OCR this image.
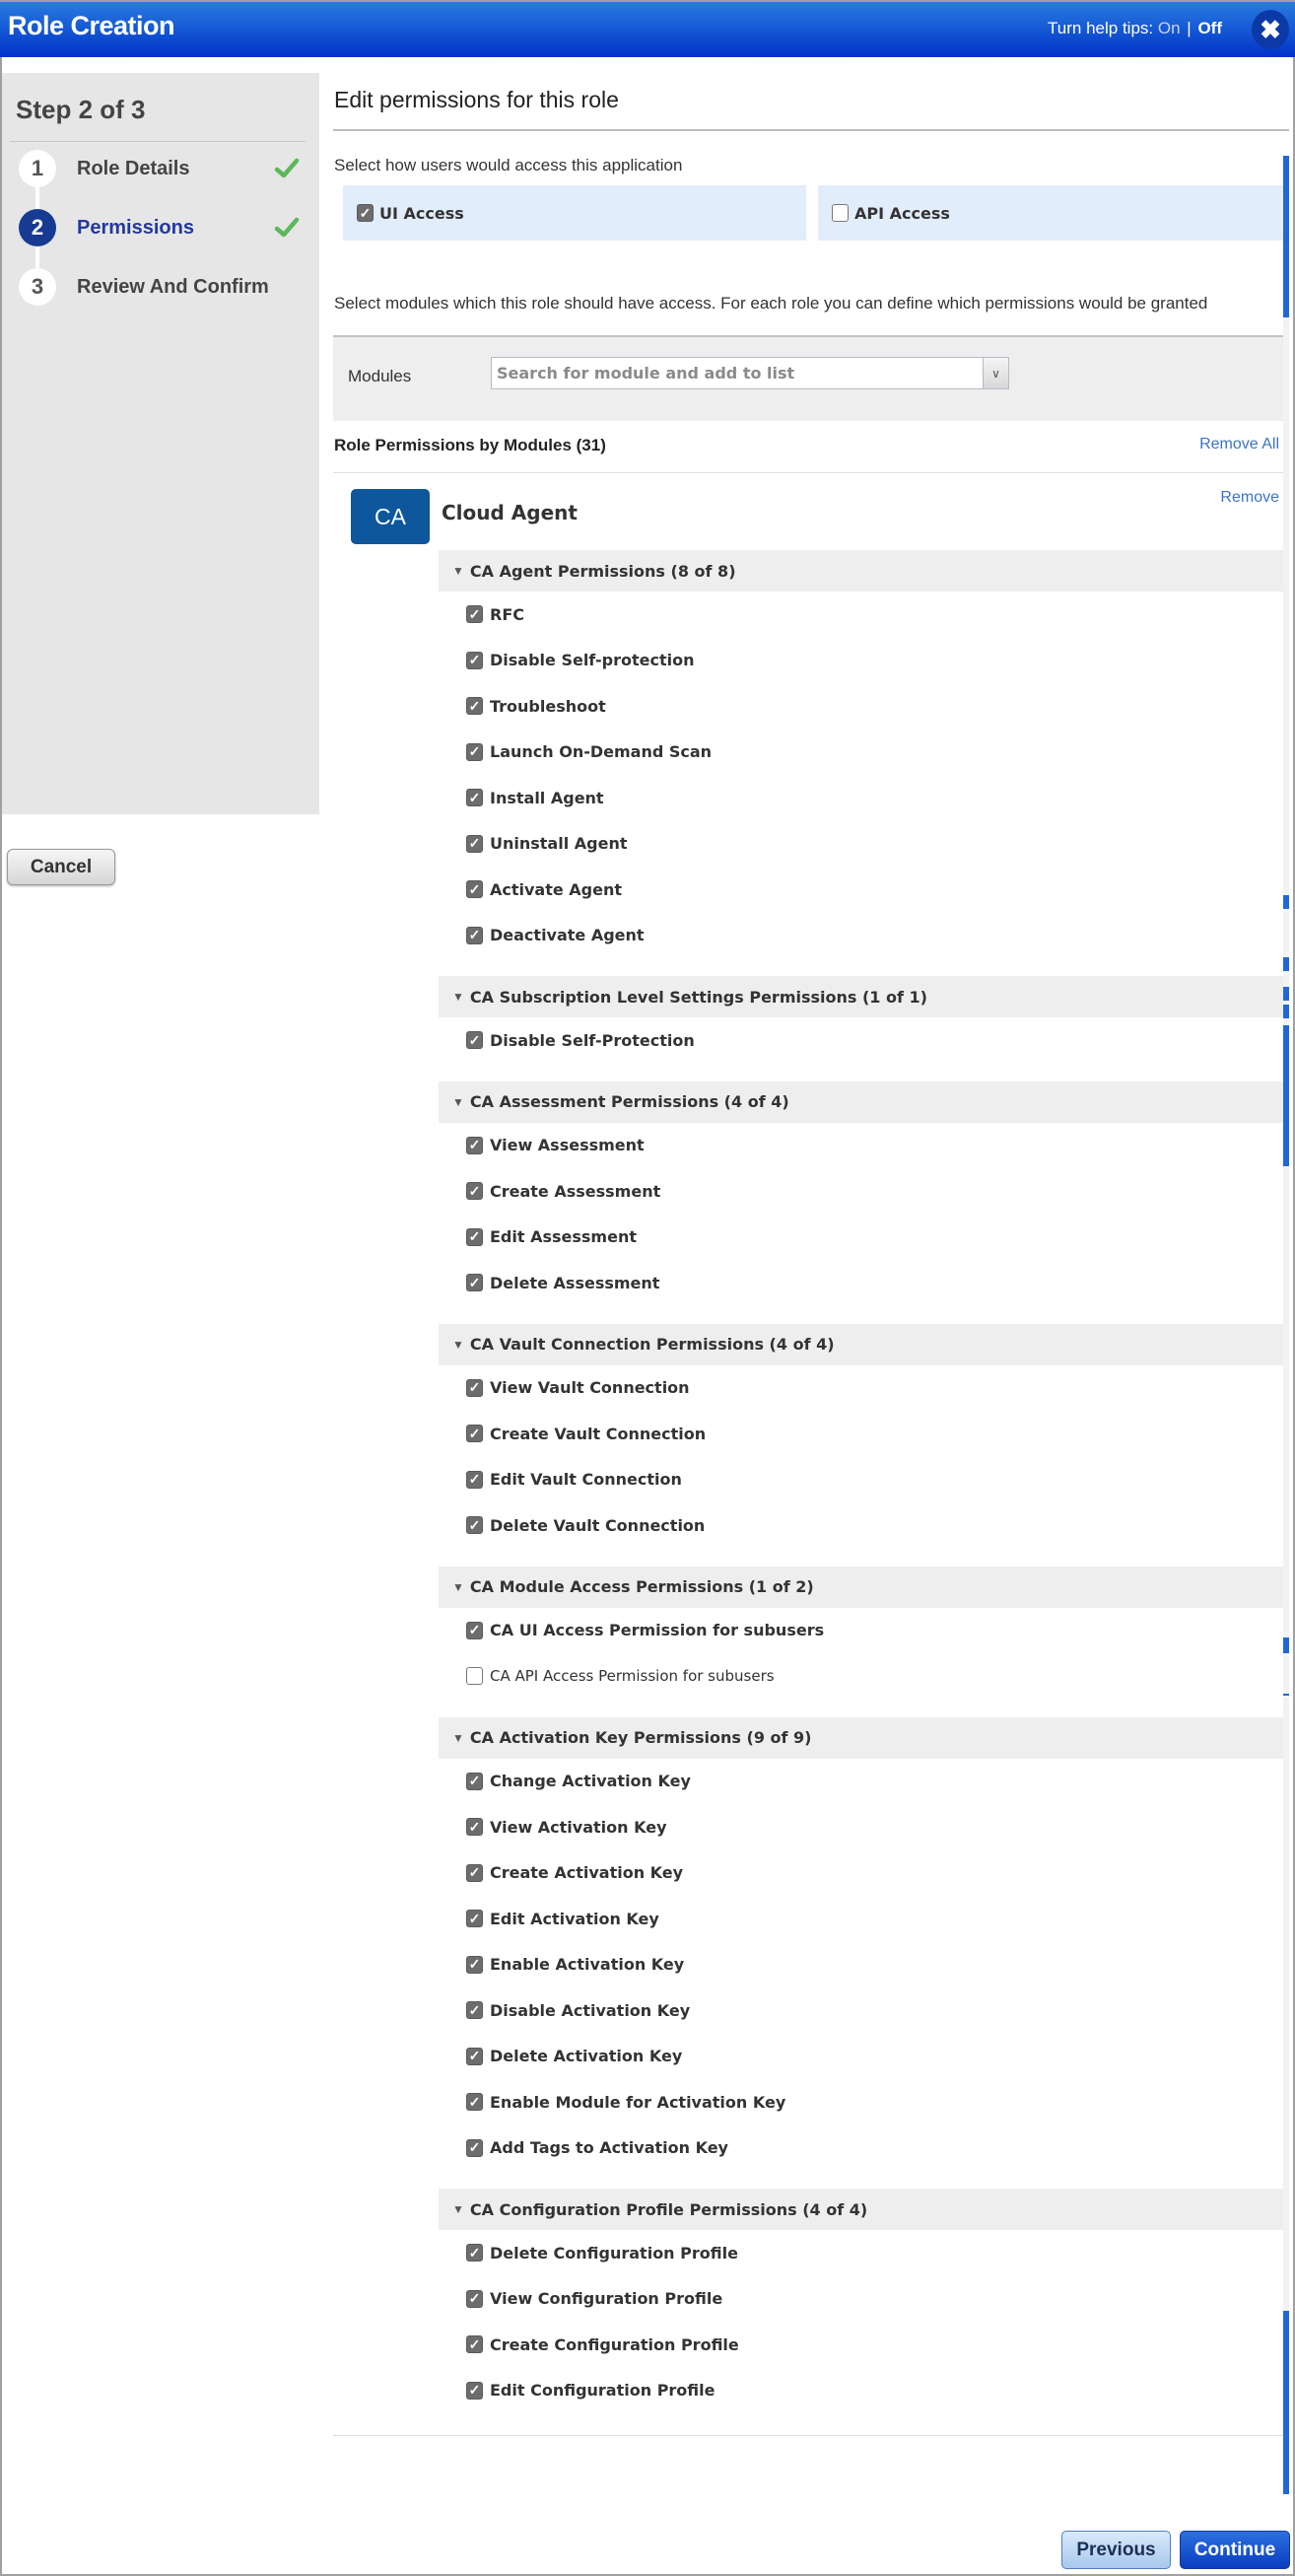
Role Creation	Turn help tips: On | Off ✖
Step 2 of 3
1	Role Details
2	Permissions
3	Review And Confirm
Cancel
Edit permissions for this role
Select how users would access this application
✓ UI Access	API Access
Select modules which this role should have access. For each role you can define which permissions would be granted
Modules
Search for module and add to list	∨
Role Permissions by Modules (31)	Remove All
CA	Cloud Agent
Remove
▼ CA Agent Permissions (8 of 8)
✓ RFC
✓ Disable Self-protection
✓ Troubleshoot
✓ Launch On-Demand Scan
✓ Install Agent
✓ Uninstall Agent
✓ Activate Agent
✓ Deactivate Agent
▼ CA Subscription Level Settings Permissions (1 of 1)
✓ Disable Self-Protection
▼ CA Assessment Permissions (4 of 4)
✓ View Assessment
✓ Create Assessment
✓ Edit Assessment
✓ Delete Assessment
▼ CA Vault Connection Permissions (4 of 4)
✓ View Vault Connection
✓ Create Vault Connection
✓ Edit Vault Connection
✓ Delete Vault Connection
▼ CA Module Access Permissions (1 of 2)
✓ CA UI Access Permission for subusers
CA API Access Permission for subusers
▼ CA Activation Key Permissions (9 of 9)
✓ Change Activation Key
✓ View Activation Key
✓ Create Activation Key
✓ Edit Activation Key
✓ Enable Activation Key
✓ Disable Activation Key
✓ Delete Activation Key
✓ Enable Module for Activation Key
✓ Add Tags to Activation Key
▼ CA Configuration Profile Permissions (4 of 4)
✓ Delete Configuration Profile
✓ View Configuration Profile
✓ Create Configuration Profile
✓ Edit Configuration Profile
Previous	Continue
